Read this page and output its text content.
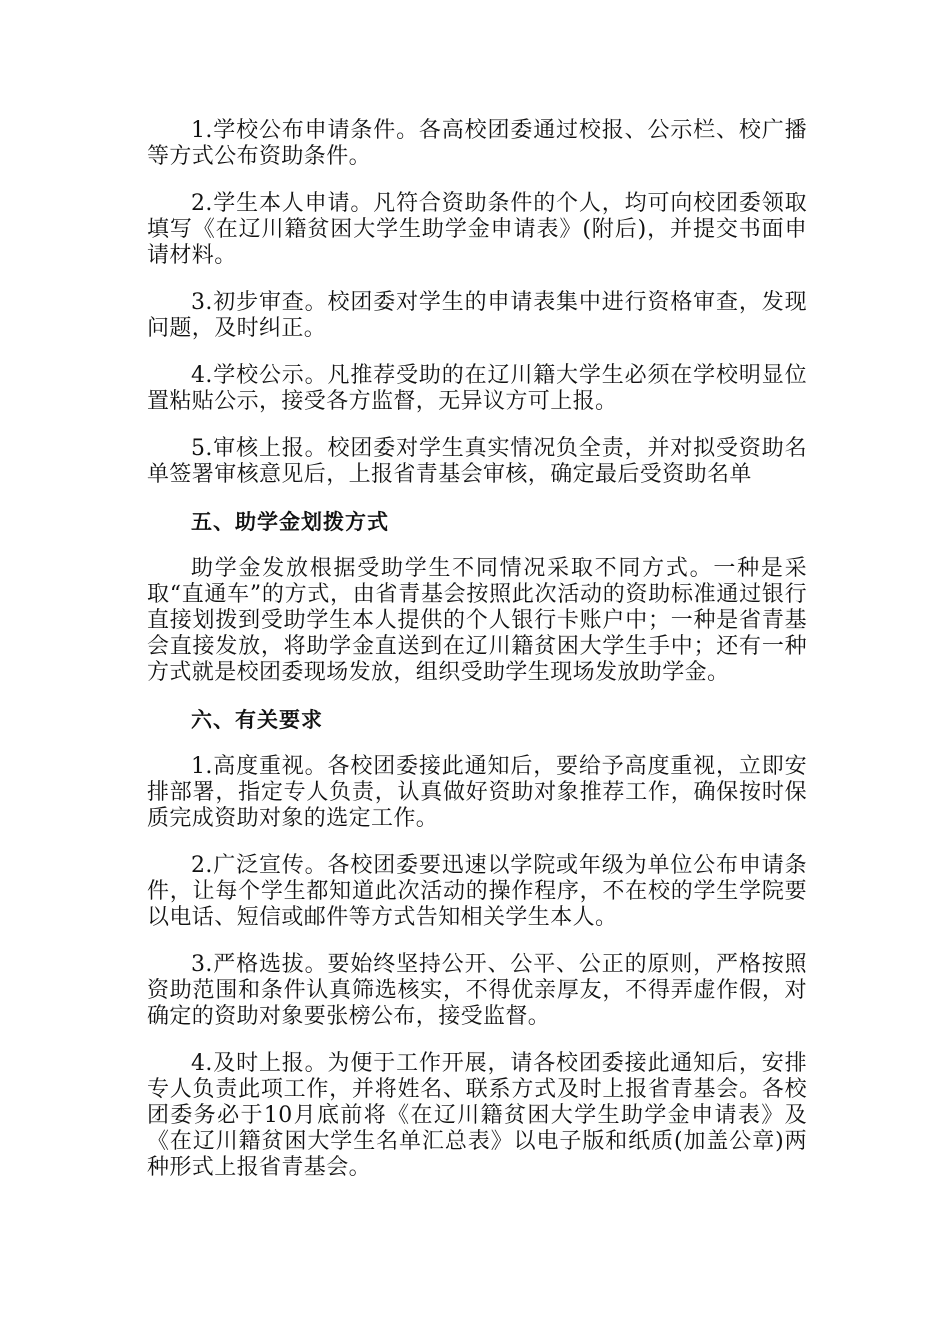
1.学校公布申请条件。各高校团委通过校报、公示栏、校广播等方式公布资助条件。

2.学生本人申请。凡符合资助条件的个人，均可向校团委领取填写《在辽川籍贫困大学生助学金申请表》(附后)，并提交书面申请材料。

3.初步审查。校团委对学生的申请表集中进行资格审查，发现问题，及时纠正。

4.学校公示。凡推荐受助的在辽川籍大学生必须在学校明显位置粘贴公示，接受各方监督，无异议方可上报。

5.审核上报。校团委对学生真实情况负全责，并对拟受资助名单签署审核意见后，上报省青基会审核，确定最后受资助名单

五、助学金划拨方式

助学金发放根据受助学生不同情况采取不同方式。一种是采取“直通车”的方式，由省青基会按照此次活动的资助标准通过银行直接划拨到受助学生本人提供的个人银行卡账户中；一种是省青基会直接发放，将助学金直送到在辽川籍贫困大学生手中；还有一种方式就是校团委现场发放，组织受助学生现场发放助学金。

六、有关要求

1.高度重视。各校团委接此通知后，要给予高度重视，立即安排部署，指定专人负责，认真做好资助对象推荐工作，确保按时保质完成资助对象的选定工作。

2.广泛宣传。各校团委要迅速以学院或年级为单位公布申请条件，让每个学生都知道此次活动的操作程序，不在校的学生学院要以电话、短信或邮件等方式告知相关学生本人。

3.严格选拔。要始终坚持公开、公平、公正的原则，严格按照资助范围和条件认真筛选核实，不得优亲厚友，不得弄虚作假，对确定的资助对象要张榜公布，接受监督。

4.及时上报。为便于工作开展，请各校团委接此通知后，安排专人负责此项工作，并将姓名、联系方式及时上报省青基会。各校团委务必于10月底前将《在辽川籍贫困大学生助学金申请表》及《在辽川籍贫困大学生名单汇总表》以电子版和纸质(加盖公章)两种形式上报省青基会。
